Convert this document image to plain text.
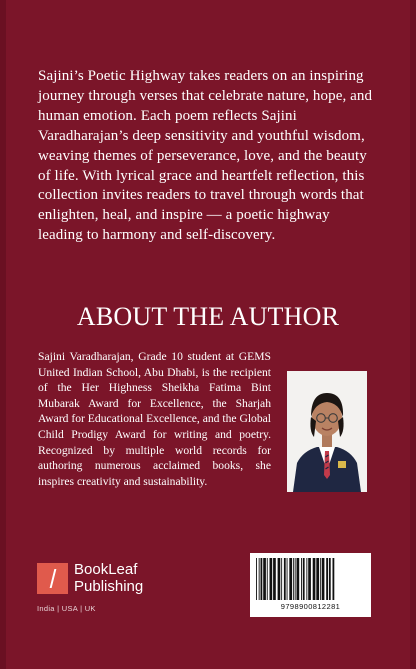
Sajini’s Poetic Highway takes readers on an inspiring journey through verses that celebrate nature, hope, and human emotion. Each poem reflects Sajini Varadharajan’s deep sensitivity and youthful wisdom, weaving themes of perseverance, love, and the beauty of life. With lyrical grace and heartfelt reflection, this collection invites readers to travel through words that enlighten, heal, and inspire — a poetic highway leading to harmony and self-discovery.

ABOUT THE AUTHOR

Sajini Varadharajan, Grade 10 student at GEMS United Indian School, Abu Dhabi, is the recipient of the Her Highness Sheikha Fatima Bint Mubarak Award for Excellence, the Sharjah Award for Educational Excellence, and the Global Child Prodigy Award for writing and poetry. Recognized by multiple world records for authoring numerous acclaimed books, she inspires creativity and sustainability.

BookLeaf Publishing
India | USA | UK	9798900812281
